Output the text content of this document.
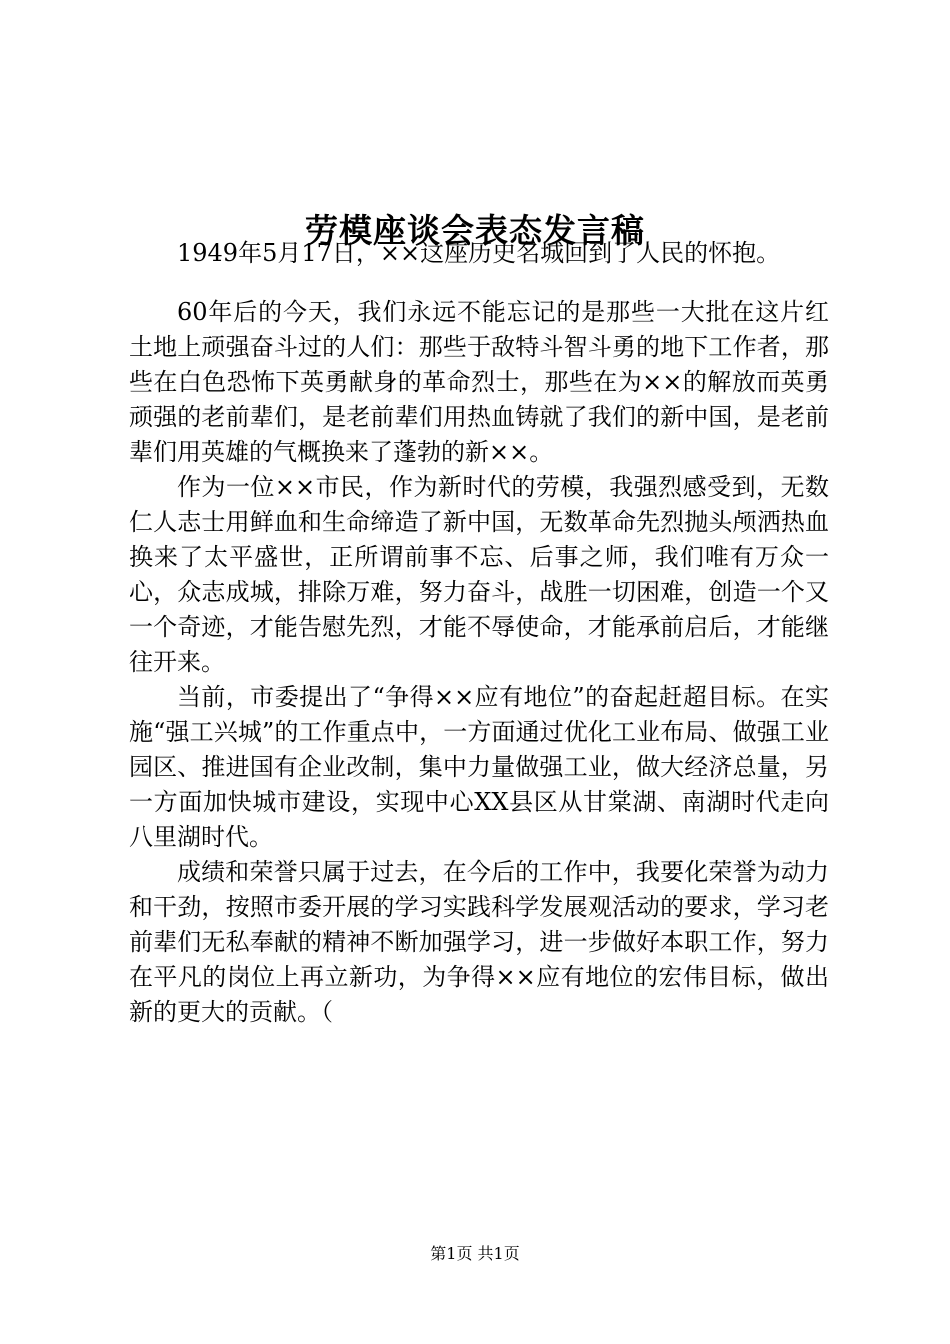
劳模座谈会表态发言稿

1949年5月17日，××这座历史名城回到了人民的怀抱。

60年后的今天，我们永远不能忘记的是那些一大批在这片红土地上顽强奋斗过的人们：那些于敌特斗智斗勇的地下工作者，那些在白色恐怖下英勇献身的革命烈士，那些在为××的解放而英勇顽强的老前辈们，是老前辈们用热血铸就了我们的新中国，是老前辈们用英雄的气概换来了蓬勃的新××。

作为一位××市民，作为新时代的劳模，我强烈感受到，无数仁人志士用鲜血和生命缔造了新中国，无数革命先烈抛头颅洒热血换来了太平盛世，正所谓前事不忘、后事之师，我们唯有万众一心，众志成城，排除万难，努力奋斗，战胜一切困难，创造一个又一个奇迹，才能告慰先烈，才能不辱使命，才能承前启后，才能继往开来。

当前，市委提出了“争得××应有地位”的奋起赶超目标。在实施“强工兴城”的工作重点中，一方面通过优化工业布局、做强工业园区、推进国有企业改制，集中力量做强工业，做大经济总量，另一方面加快城市建设，实现中心XX县区从甘棠湖、南湖时代走向八里湖时代。

成绩和荣誉只属于过去，在今后的工作中，我要化荣誉为动力和干劲，按照市委开展的学习实践科学发展观活动的要求，学习老前辈们无私奉献的精神不断加强学习，进一步做好本职工作，努力在平凡的岗位上再立新功，为争得××应有地位的宏伟目标，做出新的更大的贡献。（

第1页 共1页
